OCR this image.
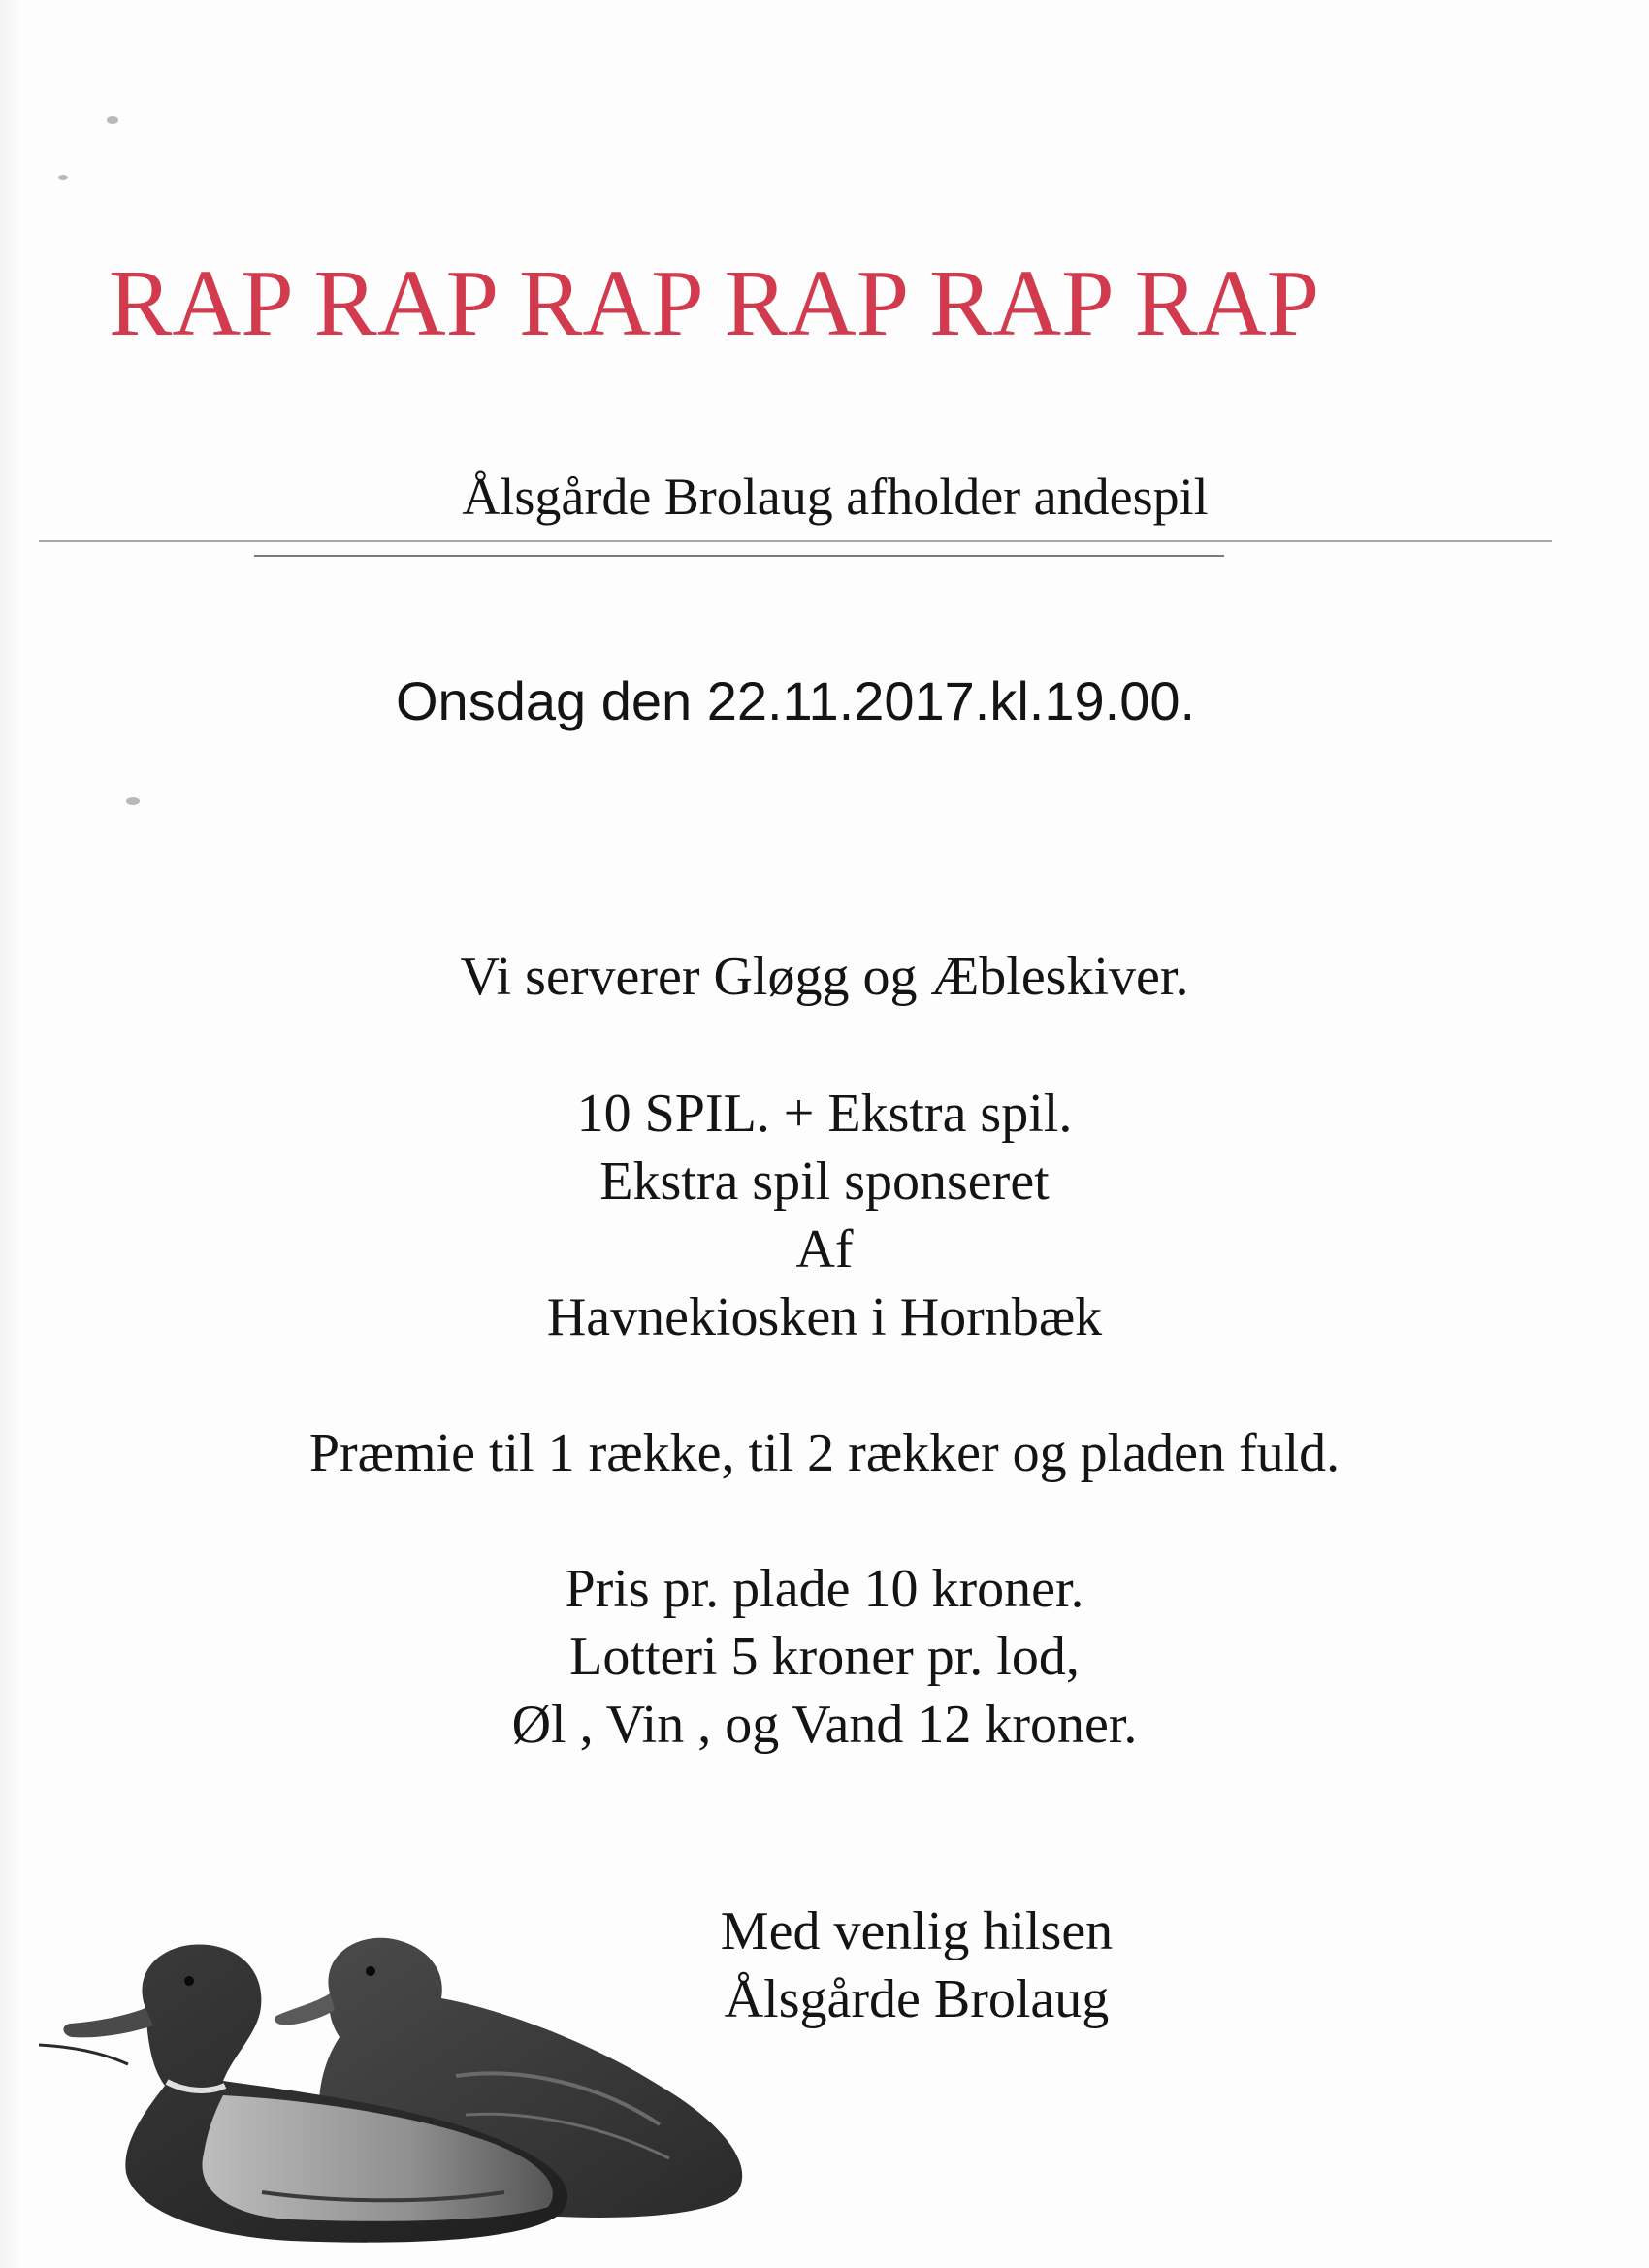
RAP RAP RAP RAP RAP RAP
Ålsgårde Brolaug afholder andespil
Onsdag den 22.11.2017.kl.19.00.
Vi serverer Gløgg og Æbleskiver.
10 SPIL. + Ekstra spil.
Ekstra spil sponseret
Af
Havnekiosken i Hornbæk
Præmie til 1 række, til 2 rækker og pladen fuld.
Pris pr. plade 10 kroner.
Lotteri 5 kroner pr. lod,
Øl , Vin , og Vand 12 kroner.
Med venlig hilsen
Ålsgårde Brolaug
